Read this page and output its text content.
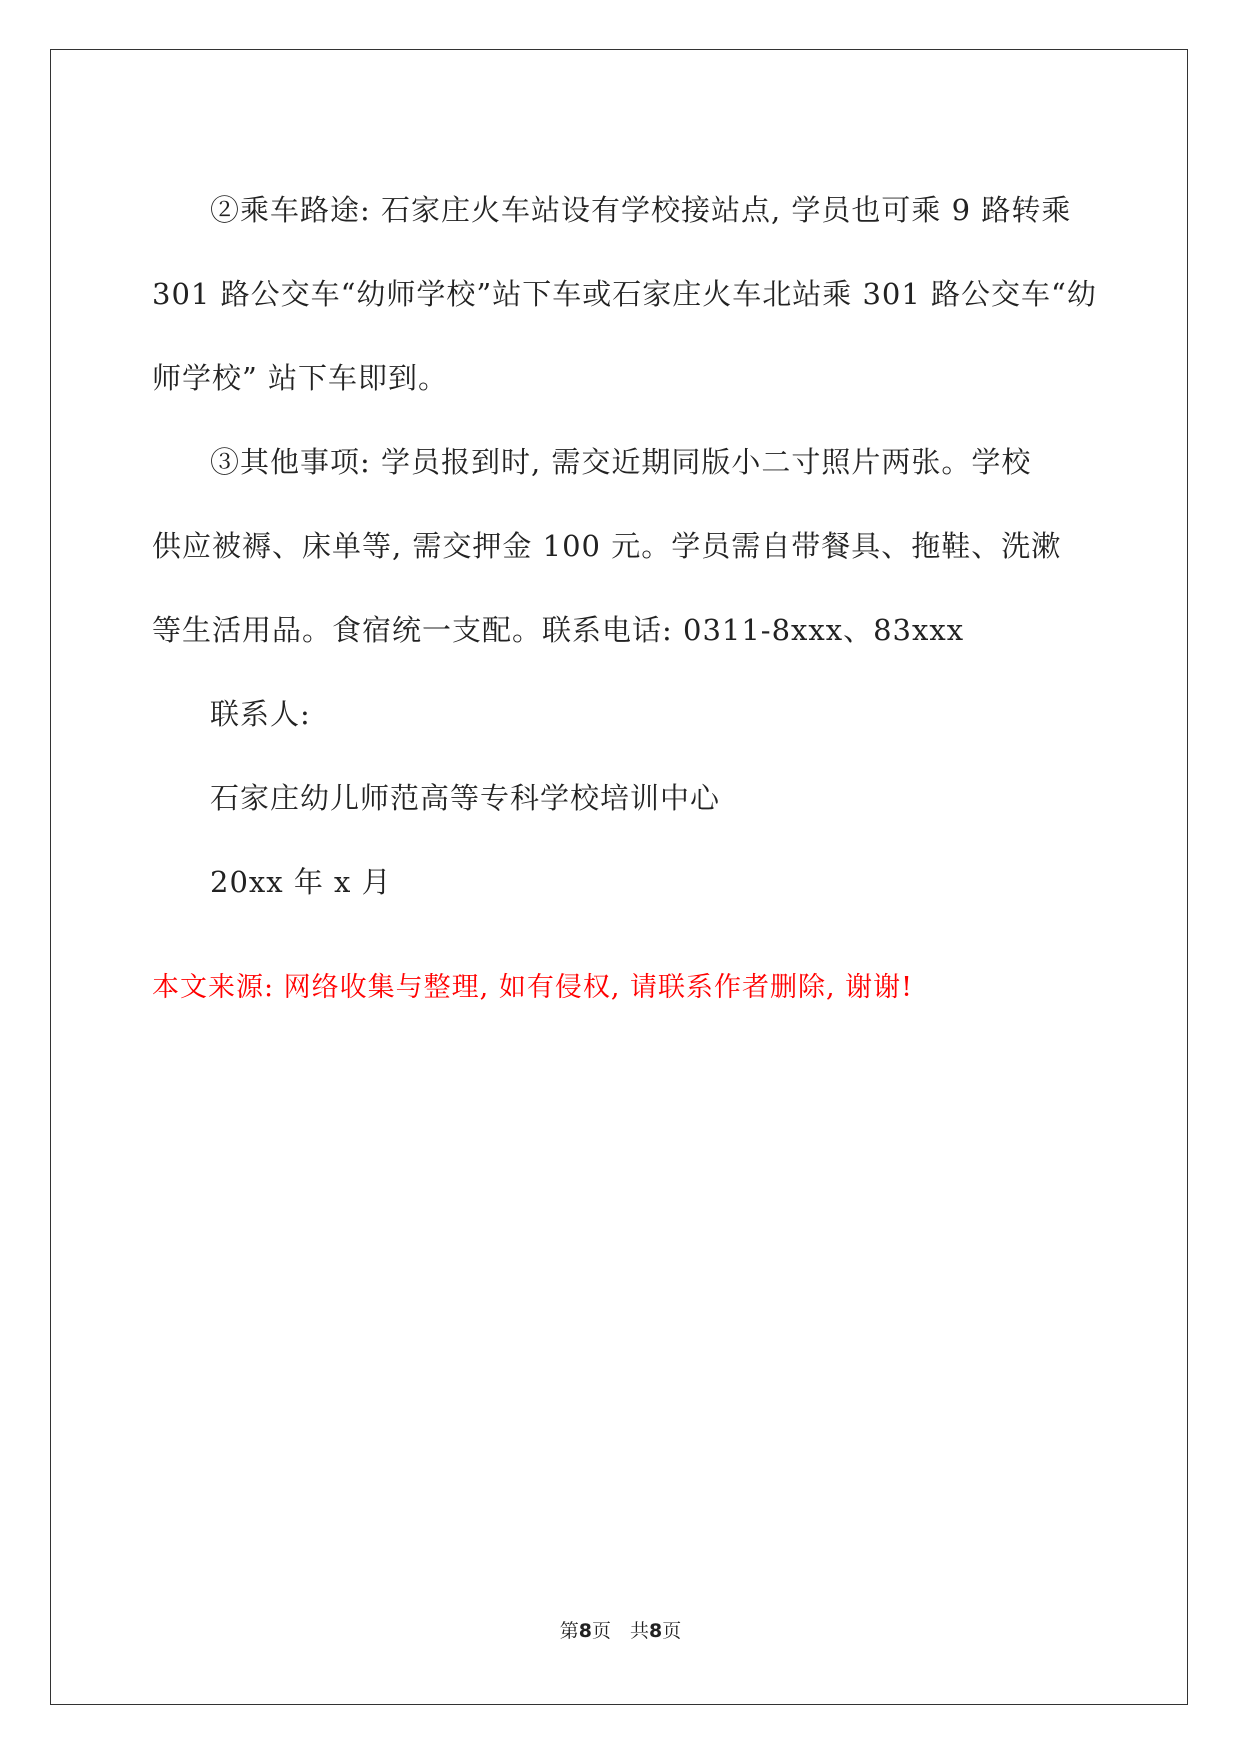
②乘车路途: 石家庄火车站设有学校接站点, 学员也可乘 9 路转乘
301 路公交车“幼师学校”站下车或石家庄火车北站乘 301 路公交车“幼
师学校” 站下车即到。
③其他事项: 学员报到时, 需交近期同版小二寸照片两张。学校
供应被褥、床单等, 需交押金 100 元。学员需自带餐具、拖鞋、洗漱
等生活用品。食宿统一支配。联系电话: 0311-8xxx、83xxx
联系人:
石家庄幼儿师范高等专科学校培训中心
20xx 年 x 月
本文来源: 网络收集与整理, 如有侵权, 请联系作者删除, 谢谢!
第8页　共8页
